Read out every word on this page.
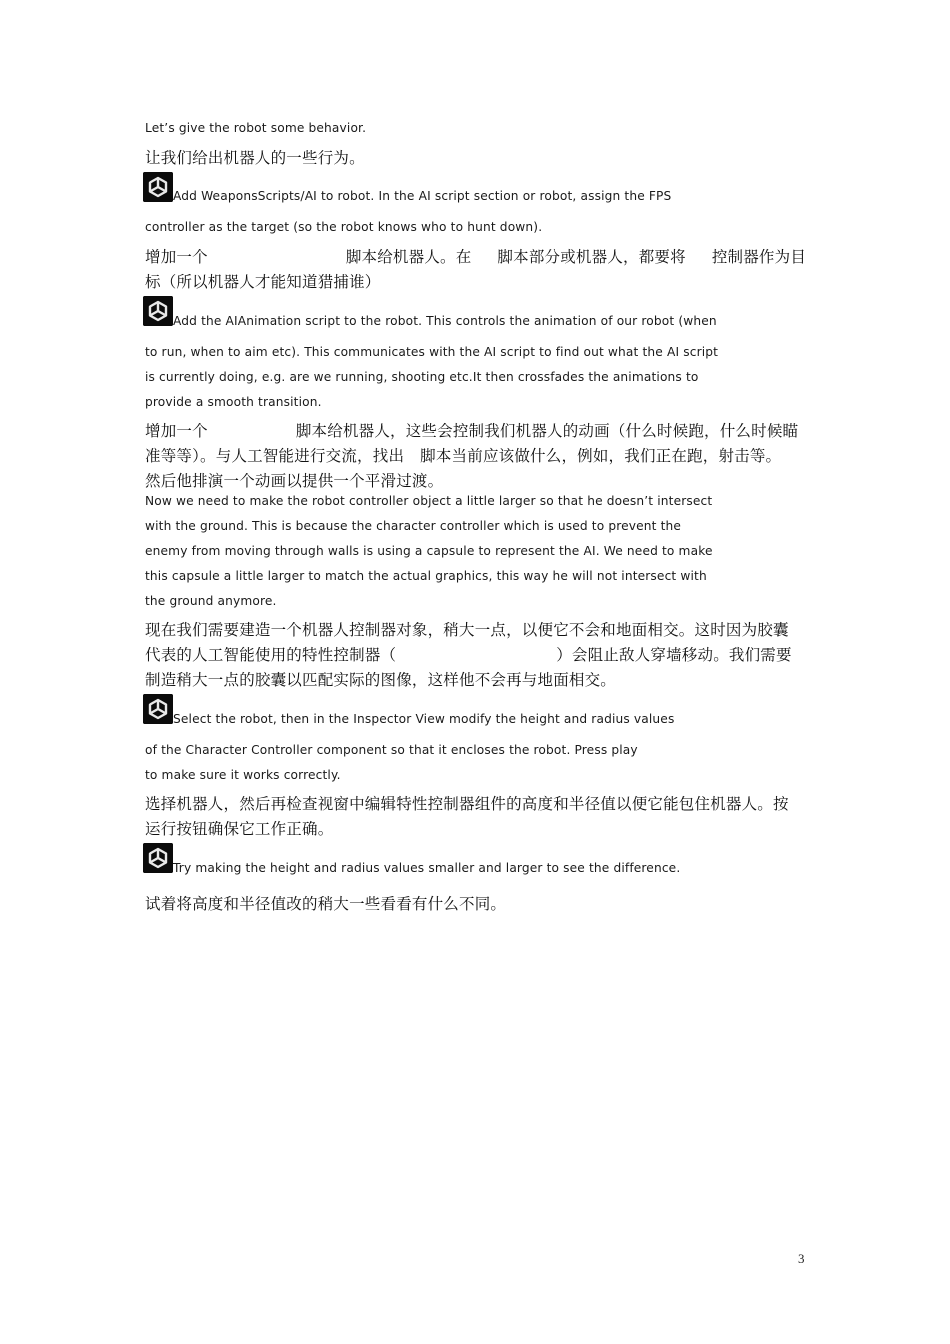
Let’s give the robot some behavior.
让我们给出机器人的一些行为。
Add WeaponsScripts/AI to robot. In the AI script section or robot, assign the FPS
controller as the target (so the robot knows who to hunt down).
增加一个	脚本给机器人。在 脚本部分或机器人，都要将 控制器作为目
标（所以机器人才能知道猎捕谁）
Add the AIAnimation script to the robot. This controls the animation of our robot (when
to run, when to aim etc). This communicates with the AI script to find out what the AI script
is currently doing, e.g. are we running, shooting etc.It then crossfades the animations to
provide a smooth transition.
增加一个	脚本给机器人，这些会控制我们机器人的动画（什么时候跑，什么时候瞄
准等等）。与人工智能进行交流，找出 脚本当前应该做什么，例如，我们正在跑，射击等。
然后他排演一个动画以提供一个平滑过渡。
Now we need to make the robot controller object a little larger so that he doesn’t intersect
with the ground. This is because the character controller which is used to prevent the
enemy from moving through walls is using a capsule to represent the AI. We need to make
this capsule a little larger to match the actual graphics, this way he will not intersect with
the ground anymore.
现在我们需要建造一个机器人控制器对象，稍大一点，以便它不会和地面相交。这时因为胶囊
代表的人工智能使用的特性控制器（	）会阻止敌人穿墙移动。我们需要
制造稍大一点的胶囊以匹配实际的图像，这样他不会再与地面相交。
Select the robot, then in the Inspector View modify the height and radius values
of the Character Controller component so that it encloses the robot. Press play
to make sure it works correctly.
选择机器人，然后再检查视窗中编辑特性控制器组件的高度和半径值以便它能包住机器人。按
运行按钮确保它工作正确。
Try making the height and radius values smaller and larger to see the difference.
试着将高度和半径值改的稍大一些看看有什么不同。
3
